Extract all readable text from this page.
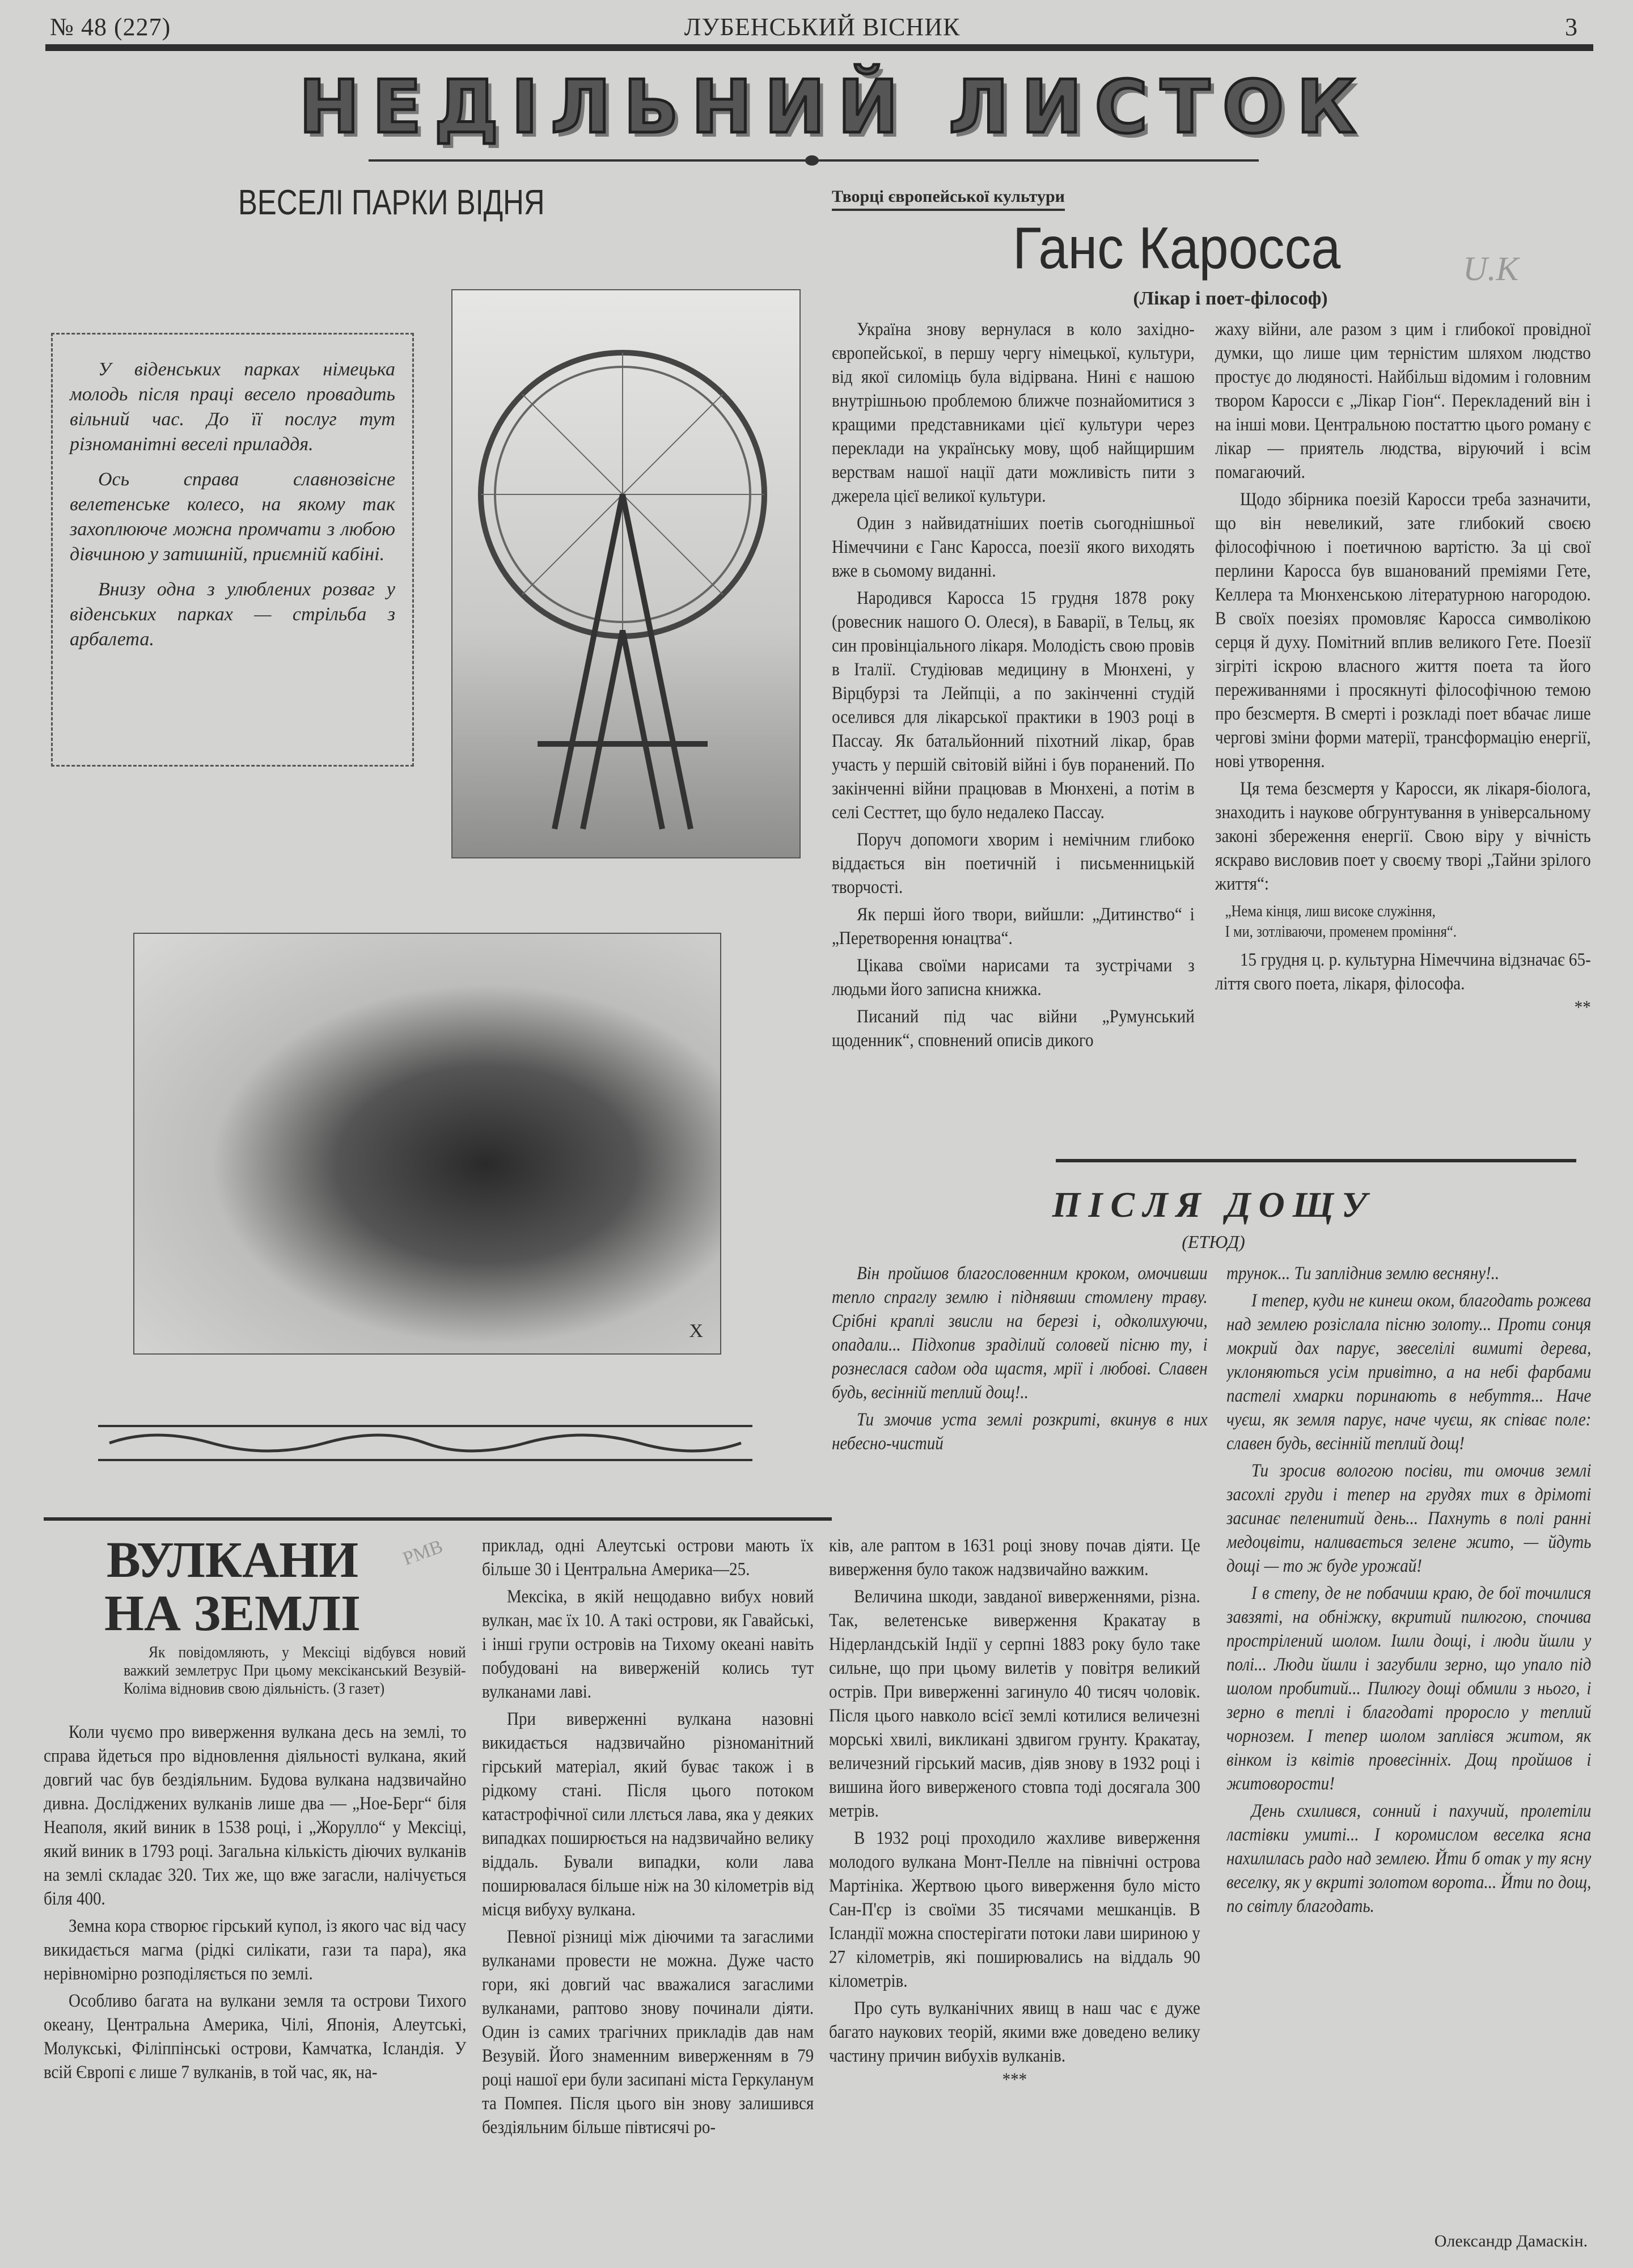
№ 48 (227)	ЛУБЕНСЬКИЙ ВІСНИК	3
НЕДІЛЬНИЙ ЛИСТОК
ВЕСЕЛІ ПАРКИ ВІДНЯ

У віденських парках німецька молодь після праці весело провадить вільний час. До її послуг тут різноманітні веселі приладдя.

Ось справа славнозвісне велетенське колесо, на якому так захоплююче можна промчати з любою дівчиною у затишній, приємній кабіні.

Внизу одна з улюблених розваг у віденських парках — стрільба з арбалета.

X
Творці європейської культури
Ганс Каросса	U.K
(Лікар і поет-філософ)

Україна знову вернулася в коло західно-європейської, в першу чергу німецької, культури, від якої силоміць була відірвана. Нині є нашою внутрішньою проблемою ближче познайомитися з кращими представниками цієї культури через переклади на українську мову, щоб найщиршим верствам нашої нації дати можливість пити з джерела цієї великої культури.

Один з найвидатніших поетів сьогоднішньої Німеччини є Ганс Каросса, поезії якого виходять вже в сьомому виданні.

Народився Каросса 15 грудня 1878 року (ровесник нашого О. Олеся), в Баварії, в Тельц, як син провінціального лікаря. Молодість свою провів в Італії. Студіював медицину в Мюнхені, у Вірцбурзі та Лейпціі, а по закінченні студій оселився для лікарської практики в 1903 році в Пассау. Як батальйонний піхотний лікар, брав участь у першій світовій війні і був поранений. По закінченні війни працював в Мюнхені, а потім в селі Сесттет, що було недалеко Пассау.

Поруч допомоги хворим і немічним глибоко віддається він поетичній і письменницькій творчості.

Як перші його твори, вийшли: „Дитинство“ і „Перетворення юнацтва“.

Цікава своїми нарисами та зустрічами з людьми його записна книжка.

Писаний під час війни „Румунський щоденник“, сповнений описів дикого

жаху війни, але разом з цим і глибокої провідної думки, що лише цим терністим шляхом людство простує до людяності. Найбільш відомим і головним твором Каросси є „Лікар Гіон“. Перекладений він і на інші мови. Центральною постаттю цього роману є лікар — приятель людства, віруючий і всім помагаючий.

Щодо збірника поезій Каросси треба зазначити, що він невеликий, зате глибокий своєю філософічною і поетичною вартістю. За ці свої перлини Каросса був вшанований преміями Гете, Келлера та Мюнхенською літературною нагородою. В своїх поезіях промовляє Каросса символікою серця й духу. Помітний вплив великого Гете. Поезії зігріті іскрою власного життя поета та його переживаннями і просякнуті філософічною темою про безсмертя. В смерті і розкладі поет вбачає лише чергові зміни форми матерії, трансформацію енергії, нові утворення.

Ця тема безсмертя у Каросси, як лікаря-біолога, знаходить і наукове обгрунтування в універсальному законі збереження енергії. Свою віру у вічність яскраво висловив поет у своєму творі „Тайни зрілого життя“:

„Нема кінця, лиш високе служіння,
І ми, зотліваючи, променем проміння“.

15 грудня ц. р. культурна Німеччина відзначає 65-ліття свого поета, лікаря, філософа.

**
ПІСЛЯ ДОЩУ
(ЕТЮД)

Він пройшов благословенним кроком, омочивши тепло спраглу землю і піднявши стомлену траву. Срібні краплі звисли на березі і, одколихуючи, опадали... Підхопив зраділий соловей пісню ту, і рознеслася садом ода щастя, мрії і любові. Славен будь, весінній теплий дощ!..

Ти змочив уста землі розкриті, вкинув в них небесно-чистий

трунок... Ти запліднив землю весняну!..

І тепер, куди не кинеш оком, благодать рожева над землею розіслала пісню золоту... Проти сонця мокрий дах парує, звеселілі вимиті дерева, уклоняються усім привітно, а на небі фарбами пастелі хмарки поринають в небуття... Наче чуєш, як земля парує, наче чуєш, як співає поле: славен будь, весінній теплий дощ!

Ти зросив вологою посіви, ти омочив землі засохлі груди і тепер на грудях тих в дрімоті засинає пеленитий день... Пахнуть в полі ранні медоцвіти, наливається зелене жито, — йдуть дощі — то ж буде урожай!

І в степу, де не побачиш краю, де бої точилися завзяті, на обніжку, вкритий пилюгою, спочива прострілений шолом. Ішли дощі, і люди йшли у полі... Люди йшли і загубили зерно, що упало під шолом пробитий... Пилюгу дощі обмили з нього, і зерно в теплі і благодаті проросло у теплий чорнозем. І тепер шолом заплівся житом, як вінком із квітів провесінніх. Дощ пройшов і житоворости!

День схилився, сонний і пахучий, пролетіли ластівки умиті... І коромислом веселка ясна нахилилась радо над землею. Йти б отак у ту ясну веселку, як у вкриті золотом ворота... Йти по дощ, по світлу благодать.

Олександр Дамаскін.
ВУЛКАНИ
НА ЗЕМЛІ
PMB

Як повідомляють, у Мексіці відбувся новий важкий землетрус При цьому мексіканський Везувій-Коліма відновив свою діяльність. (З газет)

Коли чуємо про виверження вулкана десь на землі, то справа йдеться про відновлення діяльності вулкана, який довгий час був бездіяльним. Будова вулкана надзвичайно дивна. Досліджених вулканів лише два — „Ное-Берг“ біля Неаполя, який виник в 1538 році, і „Жорулло“ у Мексіці, який виник в 1793 році. Загальна кількість діючих вулканів на землі складає 320. Тих же, що вже загасли, налічується біля 400.

Земна кора створює гірський купол, із якого час від часу викидається магма (рідкі силікати, гази та пара), яка нерівномірно розподіляється по землі.

Особливо багата на вулкани земля та острови Тихого океану, Центральна Америка, Чілі, Японія, Алеутські, Молукські, Філіппінські острови, Камчатка, Ісландія. У всій Європі є лише 7 вулканів, в той час, як, на-

приклад, одні Алеутські острови мають їх більше 30 і Центральна Америка—25.

Мексіка, в якій нещодавно вибух новий вулкан, має їх 10. А такі острови, як Гавайські, і інші групи островів на Тихому океані навіть побудовані на виверженій колись тут вулканами лаві.

При виверженні вулкана назовні викидається надзвичайно різноманітний гірський матеріал, який буває також і в рідкому стані. Після цього потоком катастрофічної сили ллється лава, яка у деяких випадках поширюється на надзвичайно велику віддаль. Бували випадки, коли лава поширювалася більше ніж на 30 кілометрів від місця вибуху вулкана.

Певної різниці між діючими та загаслими вулканами провести не можна. Дуже часто гори, які довгий час вважалися загаслими вулканами, раптово знову починали діяти. Один із самих трагічних прикладів дав нам Везувій. Його знаменним виверженням в 79 році нашої ери були засипані міста Геркуланум та Помпея. Після цього він знову залишився бездіяльним більше півтисячі ро-

ків, але раптом в 1631 році знову почав діяти. Це виверження було також надзвичайно важким.

Величина шкоди, завданої виверженнями, різна. Так, велетенське виверження Кракатау в Нідерландській Індії у серпні 1883 року було таке сильне, що при цьому вилетів у повітря великий острів. При виверженні загинуло 40 тисяч чоловік. Після цього навколо всієї землі котилися величезні морські хвилі, викликані здвигом грунту. Кракатау, величезний гірський масив, діяв знову в 1932 році і вишина його виверженого стовпа тоді досягала 300 метрів.

В 1932 році проходило жахливе виверження молодого вулкана Монт-Пелле на північні острова Мартініка. Жертвою цього виверження було місто Сан-П'єр із своїми 35 тисячами мешканців. В Ісландії можна спостерігати потоки лави шириною у 27 кілометрів, які поширювались на віддаль 90 кілометрів.

Про суть вулканічних явищ в наш час є дуже багато наукових теорій, якими вже доведено велику частину причин вибухів вулканів.

***
